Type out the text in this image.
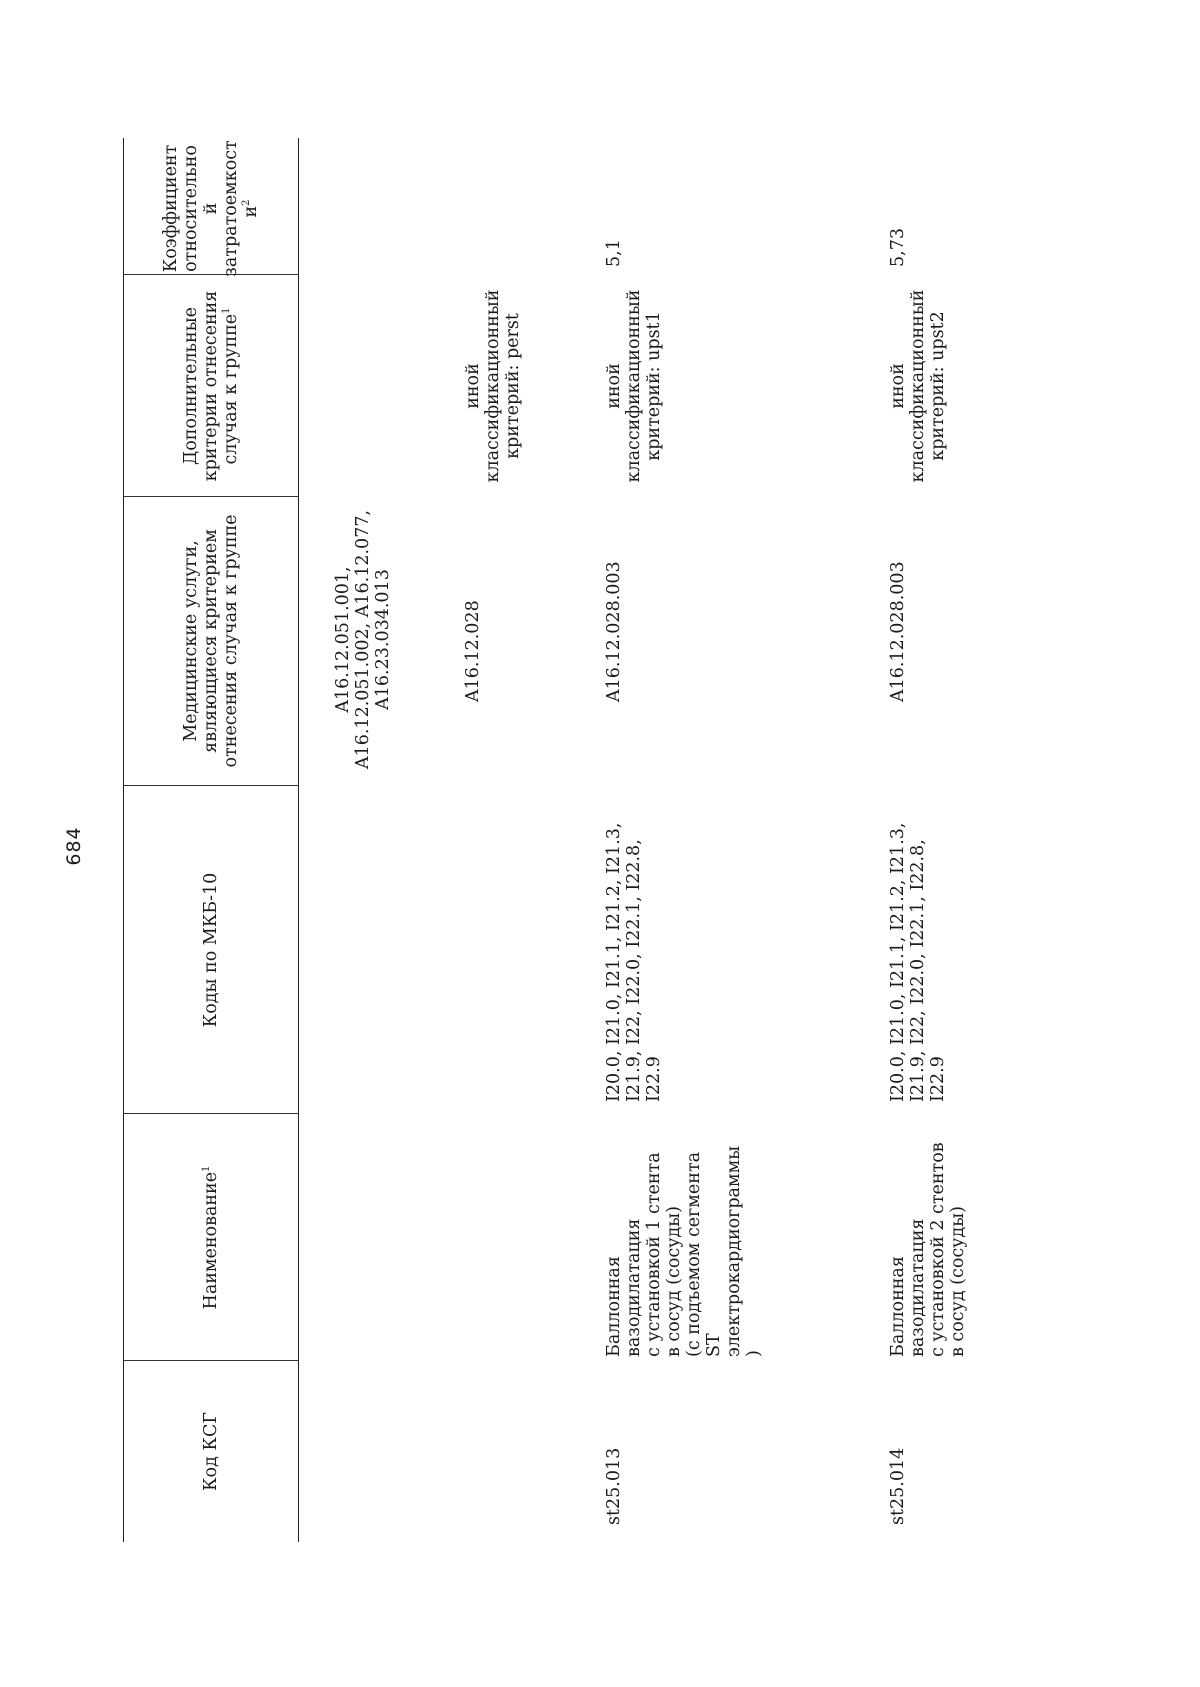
684
Код КСГ
Наименование$^1$
Коды по МКБ-10
Медицинские услуги, являющиеся критерием отнесения случая к группе
Дополнительные критерии отнесения случая к группе$^1$
Коэффициент относительно й затратоемкост $и^2$
A16.12.051.001,
A16.12.051.002, A16.12.077,
A16.23.034.013	A16.12.028
иной
классификационный
критерий: perst
st25.013
Баллонная
вазодилатация
с установкой 1 стента
в сосуд (сосуды)
(с подъемом сегмента
ST
электрокардиограммы
)
I20.0, I21.0, I21.1, I21.2, I21.3,
I21.9, I22, I22.0, I22.1, I22.8,
I22.9
A16.12.028.003
иной
классификационный
критерий: upst1
5,1
st25.014
Баллонная
вазодилатация
с установкой 2 стентов
в сосуд (сосуды)
I20.0, I21.0, I21.1, I21.2, I21.3,
I21.9, I22, I22.0, I22.1, I22.8,
I22.9
A16.12.028.003
иной
классификационный
критерий: upst2
5,73
